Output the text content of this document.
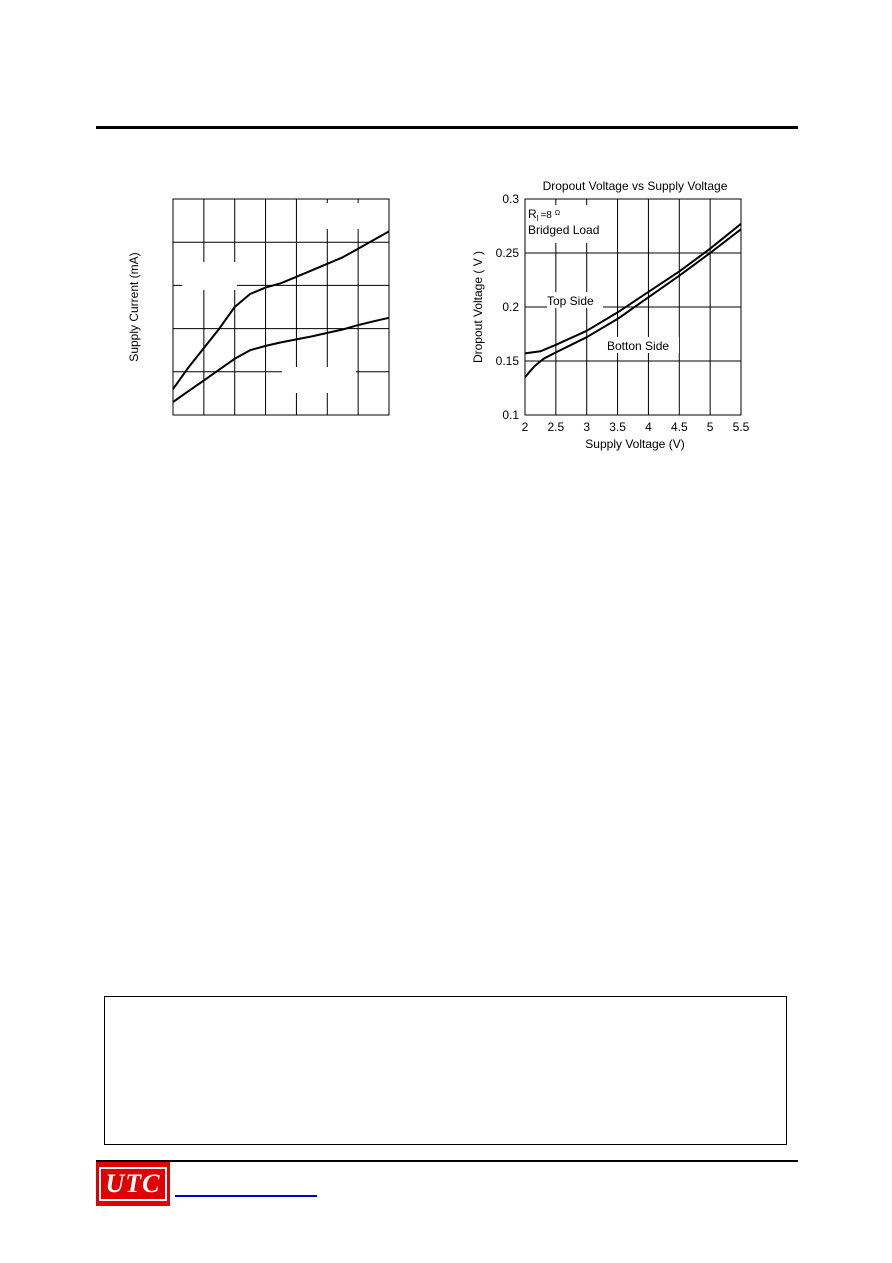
Supply Current (mA)
Dropout Voltage vs Supply Voltage
2 2.5 3 3.5 4 4.5 5 5.5
0.1
0.15
0.2
0.25
0.3
$R_l$ $^{=8}$ $^\Omega$
Bridged Load
Top Side
Botton Side
Supply Voltage (V)
Dropout Voltage ( V )
UTC
